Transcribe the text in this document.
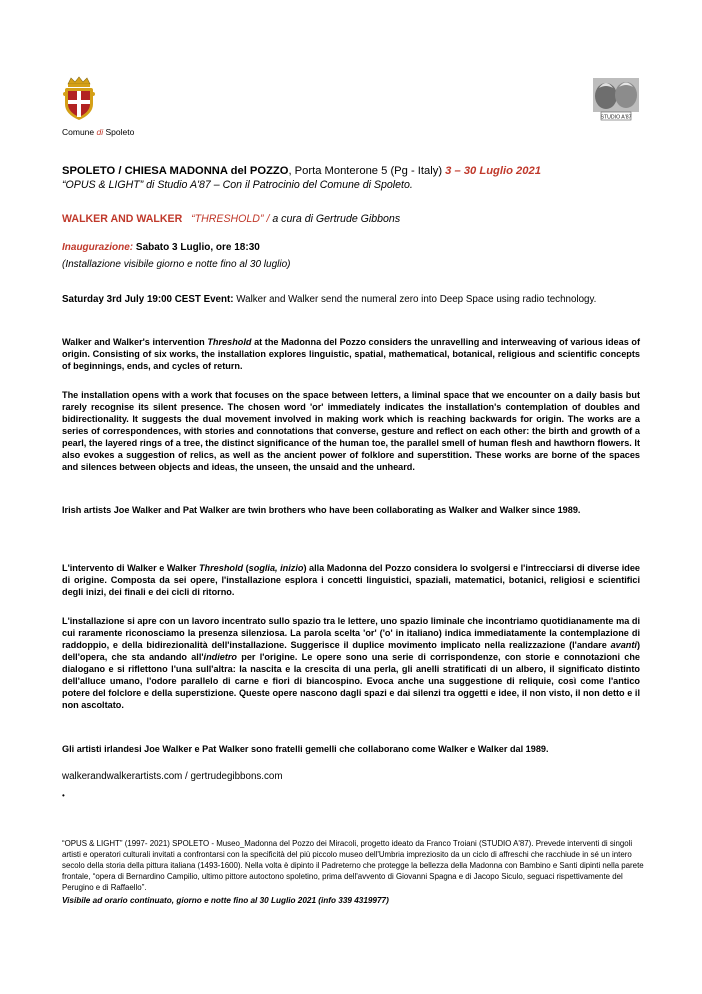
Comune di Spoleto
STUDIO A'87
SPOLETO / CHIESA MADONNA del POZZO, Porta Monterone 5 (Pg - Italy) 3 – 30 Luglio 2021
“OPUS & LIGHT” di Studio A'87 – Con il Patrocinio del Comune di Spoleto.
WALKER AND WALKER “THRESHOLD” / a cura di Gertrude Gibbons
Inaugurazione: Sabato 3 Luglio, ore 18:30
(Installazione visibile giorno e notte fino al 30 luglio)
Saturday 3rd July 19:00 CEST Event: Walker and Walker send the numeral zero into Deep Space using radio technology.

Walker and Walker's intervention Threshold at the Madonna del Pozzo considers the unravelling and interweaving of various ideas of origin. Consisting of six works, the installation explores linguistic, spatial, mathematical, botanical, religious and scientific concepts of beginnings, ends, and cycles of return.

The installation opens with a work that focuses on the space between letters, a liminal space that we encounter on a daily basis but rarely recognise its silent presence. The chosen word 'or' immediately indicates the installation's contemplation of doubles and bidirectionality. It suggests the dual movement involved in making work which is reaching backwards for origin. The works are a series of correspondences, with stories and connotations that converse, gesture and reflect on each other: the birth and growth of a pearl, the layered rings of a tree, the distinct significance of the human toe, the parallel smell of human flesh and hawthorn flowers. It also evokes a suggestion of relics, as well as the ancient power of folklore and superstition. These works are borne of the spaces and silences between objects and ideas, the unseen, the unsaid and the unheard.

Irish artists Joe Walker and Pat Walker are twin brothers who have been collaborating as Walker and Walker since 1989.

L'intervento di Walker e Walker Threshold (soglia, inizio) alla Madonna del Pozzo considera lo svolgersi e l'intrecciarsi di diverse idee di origine. Composta da sei opere, l'installazione esplora i concetti linguistici, spaziali, matematici, botanici, religiosi e scientifici degli inizi, dei finali e dei cicli di ritorno.

L'installazione si apre con un lavoro incentrato sullo spazio tra le lettere, uno spazio liminale che incontriamo quotidianamente ma di cui raramente riconosciamo la presenza silenziosa. La parola scelta 'or' ('o' in italiano) indica immediatamente la contemplazione di raddoppio, e della bidirezionalità dell'installazione. Suggerisce il duplice movimento implicato nella realizzazione (l'andare avanti) dell'opera, che sta andando all'indietro per l'origine. Le opere sono una serie di corrispondenze, con storie e connotazioni che dialogano e si riflettono l'una sull'altra: la nascita e la crescita di una perla, gli anelli stratificati di un albero, il significato distinto dell'alluce umano, l'odore parallelo di carne e fiori di biancospino. Evoca anche una suggestione di reliquie, così come l'antico potere del folclore e della superstizione. Queste opere nascono dagli spazi e dai silenzi tra oggetti e idee, il non visto, il non detto e il non ascoltato.

Gli artisti irlandesi Joe Walker e Pat Walker sono fratelli gemelli che collaborano come Walker e Walker dal 1989.

walkerandwalkerartists.com / gertrudegibbons.com
•

“OPUS & LIGHT” (1997- 2021) SPOLETO - Museo_Madonna del Pozzo dei Miracoli, progetto ideato da Franco Troiani (STUDIO A'87). Prevede interventi di singoli artisti e operatori culturali invitati a confrontarsi con la specificità del più piccolo museo dell'Umbria impreziosito da un ciclo di affreschi che racchiude in sé un intero secolo della storia della pittura italiana (1493-1600). Nella volta è dipinto il Padreterno che protegge la bellezza della Madonna con Bambino e Santi dipinti nella parete frontale, “opera di Bernardino Campilio, ultimo pittore autoctono spoletino, prima dell'avvento di Giovanni Spagna e di Jacopo Siculo, seguaci rispettivamente del Perugino e di Raffaello”.

Visibile ad orario continuato, giorno e notte fino al 30 Luglio 2021 (info 339 4319977)
